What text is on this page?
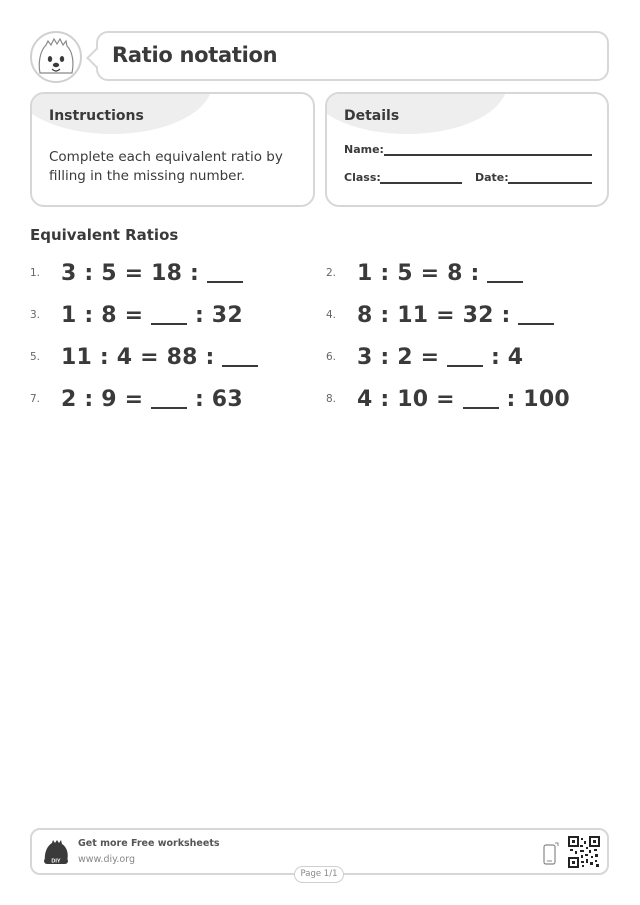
Ratio notation
Instructions
Complete each equivalent ratio by filling in the missing number.
Details
Name:
Class:	Date:
Equivalent Ratios
1. 3 : 5 = 18 :	2. 1 : 5 = 8 :
3. 1 : 8 = : 32	4. 8 : 11 = 32 :
5. 11 : 4 = 88 :	6. 3 : 2 = : 4
7. 2 : 9 = : 63	8. 4 : 10 = : 100
DIY
Get more Free worksheets
www.diy.org
Page 1/1
